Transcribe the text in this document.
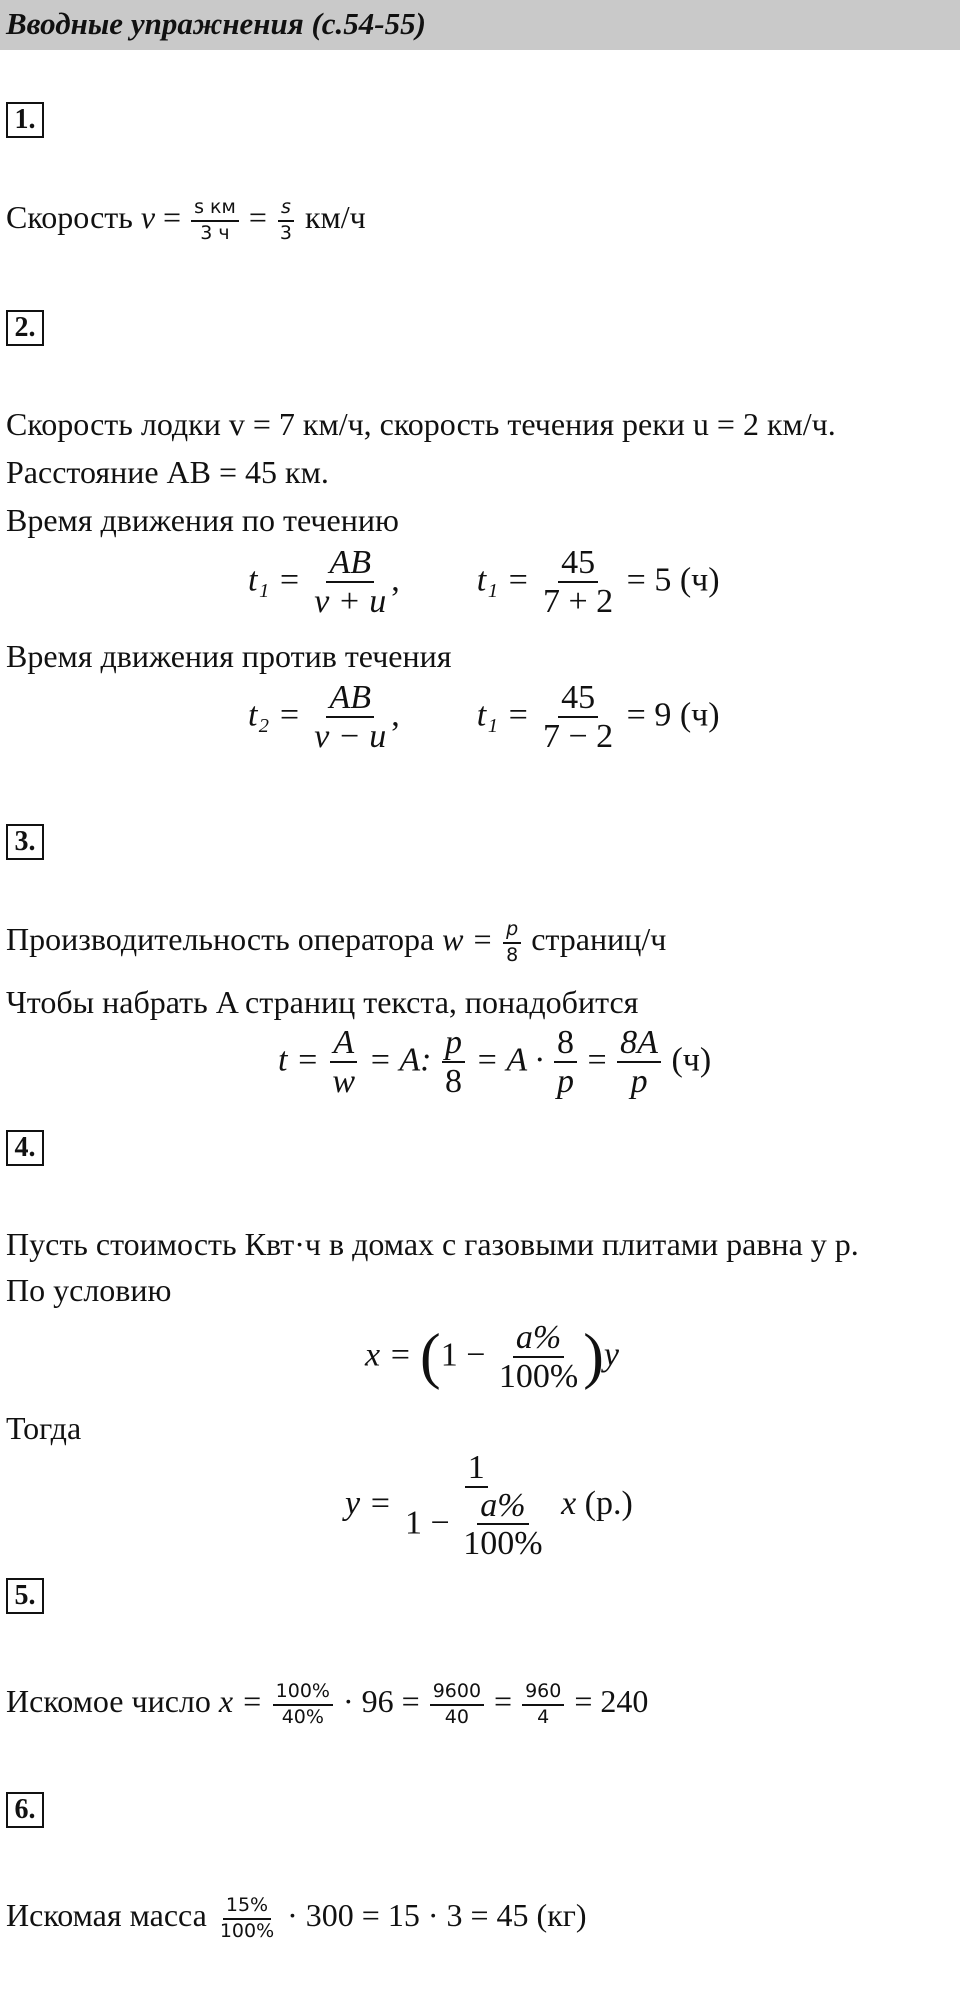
Вводные упражнения (с.54-55)
1.
Скорость $v = \frac{\text{s км}}{3 ч} = \frac{s}{3} км/ч$
2.
Скорость лодки v = 7 км/ч, скорость течения реки u = 2 км/ч.
Расстояние AB = 45 км.
Время движения по течению
$t_1 = \frac{AB}{v + u}$ , $t_1 = \frac{45}{7 + 2} = 5$ (ч)
Время движения против течения
$t_2 = \frac{AB}{v - u}$ , $t_1 = \frac{45}{7 - 2} = 9$ (ч)
3.
Производительность оператора $w = \frac{p}{8}$ страниц/ч
Чтобы набрать A страниц текста, понадобится
$t = \frac{A}{w} = A$: $\frac{p}{8} = A \cdot \frac{8}{p} = \frac{8A}{p} (ч)$
4.
Пусть стоимость Квт·ч в домах с газовыми плитами равна y р.
По условию
$x = (1 - \frac{a\%}{100\%} )y$
Тогда
$y = \frac{1}{1 - \frac{a\%}{100\%}}$ x (р.)
5.
Искомое число $x = \frac{100\%}{40\%} \cdot 96 = \frac{9600}{40} = \frac{960}{4} = 240$
6.
Искомая масса $\frac{15\%}{100\%} \cdot 300 = 15 \cdot 3 = 45$ (кг)
